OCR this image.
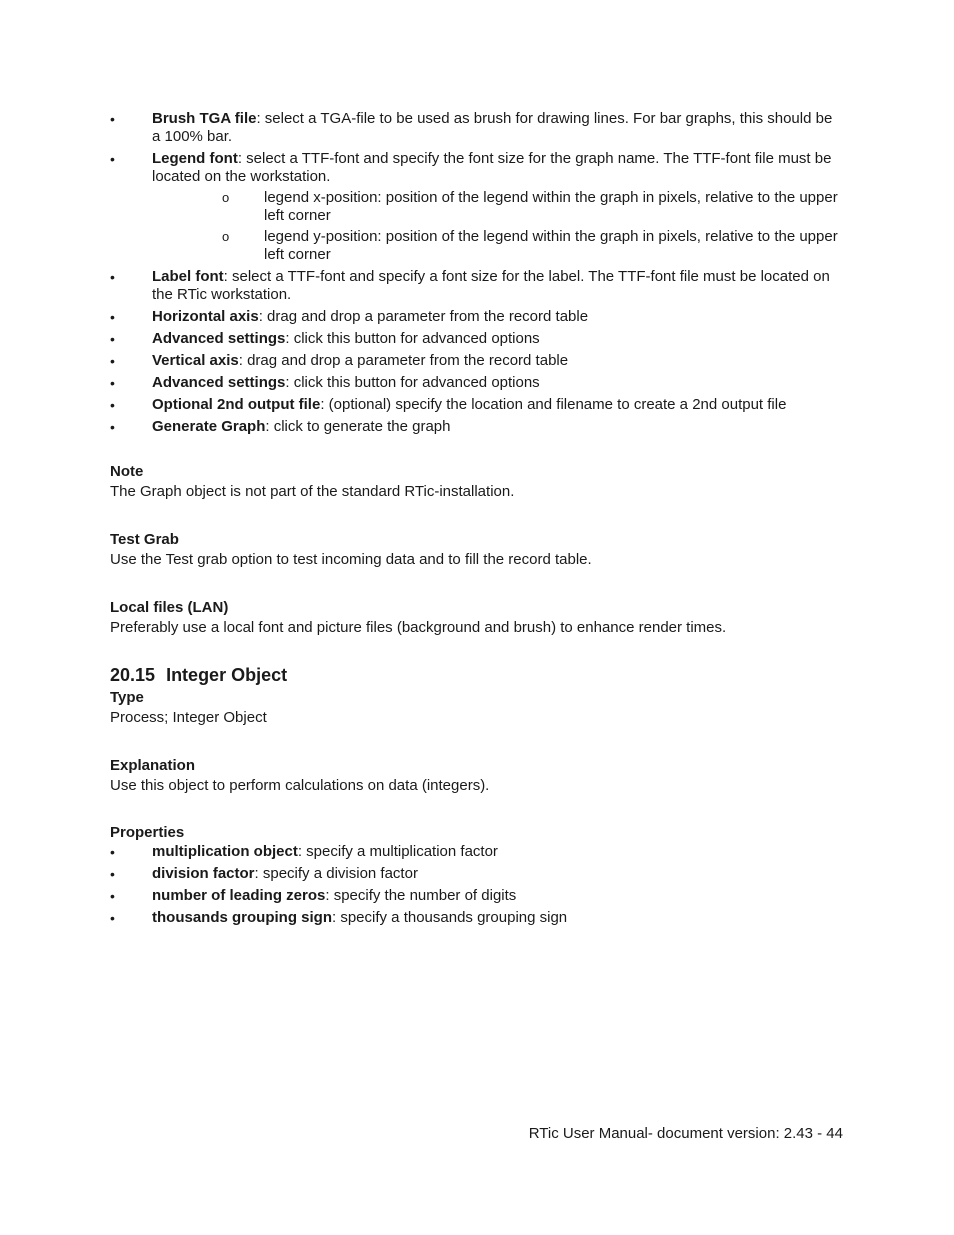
• Brush TGA file: select a TGA-file to be used as brush for drawing lines. For bar graphs, this should be a 100% bar.
• Legend font: select a TTF-font and specify the font size for the graph name. The TTF-font file must be located on the workstation.
o legend x-position: position of the legend within the graph in pixels, relative to the upper left corner
o legend y-position: position of the legend within the graph in pixels, relative to the upper left corner
• Label font: select a TTF-font and specify a font size for the label. The TTF-font file must be located on the RTic workstation.
• Horizontal axis: drag and drop a parameter from the record table
• Advanced settings: click this button for advanced options
• Vertical axis: drag and drop a parameter from the record table
• Advanced settings: click this button for advanced options
• Optional 2nd output file: (optional) specify the location and filename to create a 2nd output file
• Generate Graph: click to generate the graph

Note

The Graph object is not part of the standard RTic-installation.

Test Grab

Use the Test grab option to test incoming data and to fill the record table.

Local files (LAN)

Preferably use a local font and picture files (background and brush) to enhance render times.

20.15 Integer Object

Type

Process; Integer Object

Explanation

Use this object to perform calculations on data (integers).

Properties

• multiplication object: specify a multiplication factor
• division factor: specify a division factor
• number of leading zeros: specify the number of digits
• thousands grouping sign: specify a thousands grouping sign
RTic User Manual- document version: 2.43 - 44
